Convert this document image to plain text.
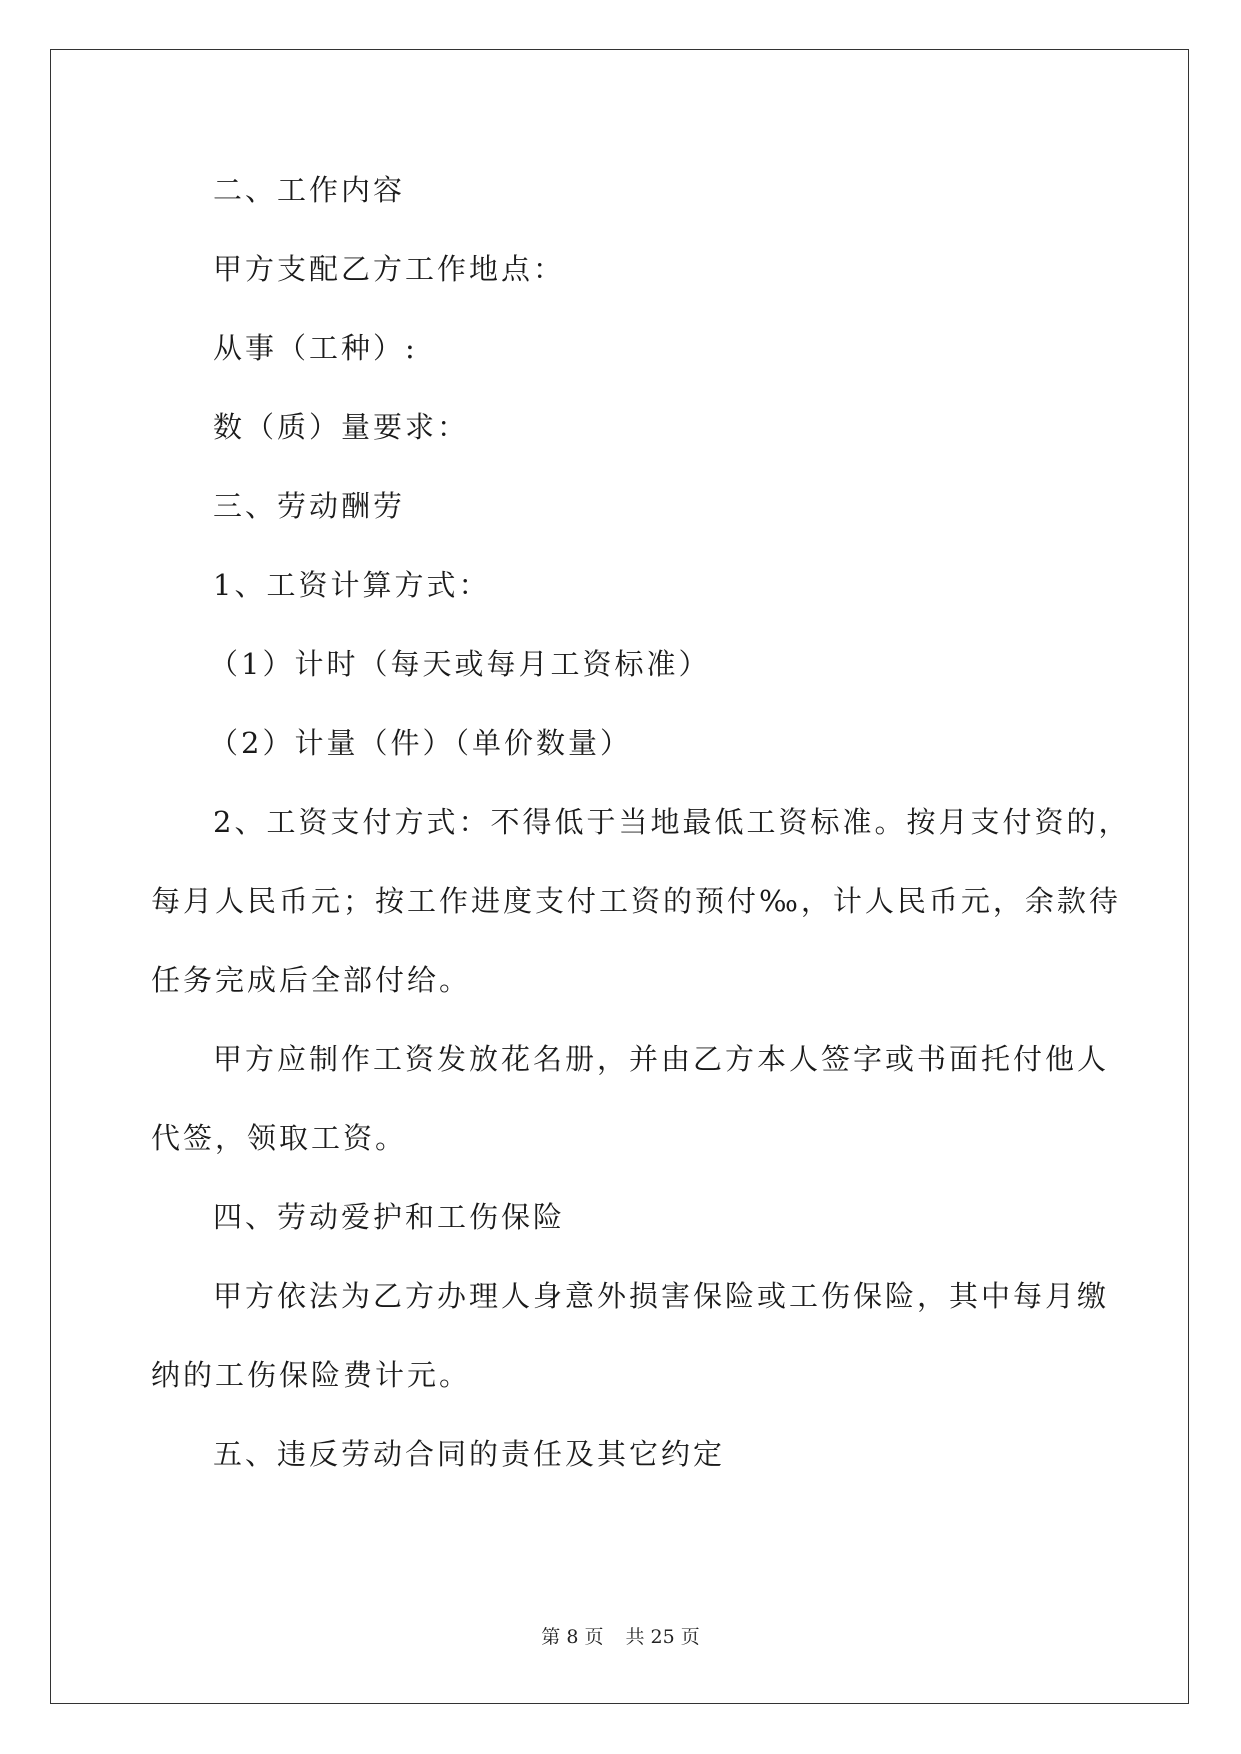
二、工作内容

甲方支配乙方工作地点：

从事（工种）:

数（质）量要求：

三、劳动酬劳

1、工资计算方式：

（1）计时（每天或每月工资标准）

（2）计量（件）（单价数量）

2、工资支付方式：不得低于当地最低工资标准。按月支付资的，

每月人民币元；按工作进度支付工资的预付‰，计人民币元，余款待

任务完成后全部付给。

甲方应制作工资发放花名册，并由乙方本人签字或书面托付他人

代签，领取工资。

四、劳动爱护和工伤保险

甲方依法为乙方办理人身意外损害保险或工伤保险，其中每月缴

纳的工伤保险费计元。

五、违反劳动合同的责任及其它约定

第 8 页 共 25 页
